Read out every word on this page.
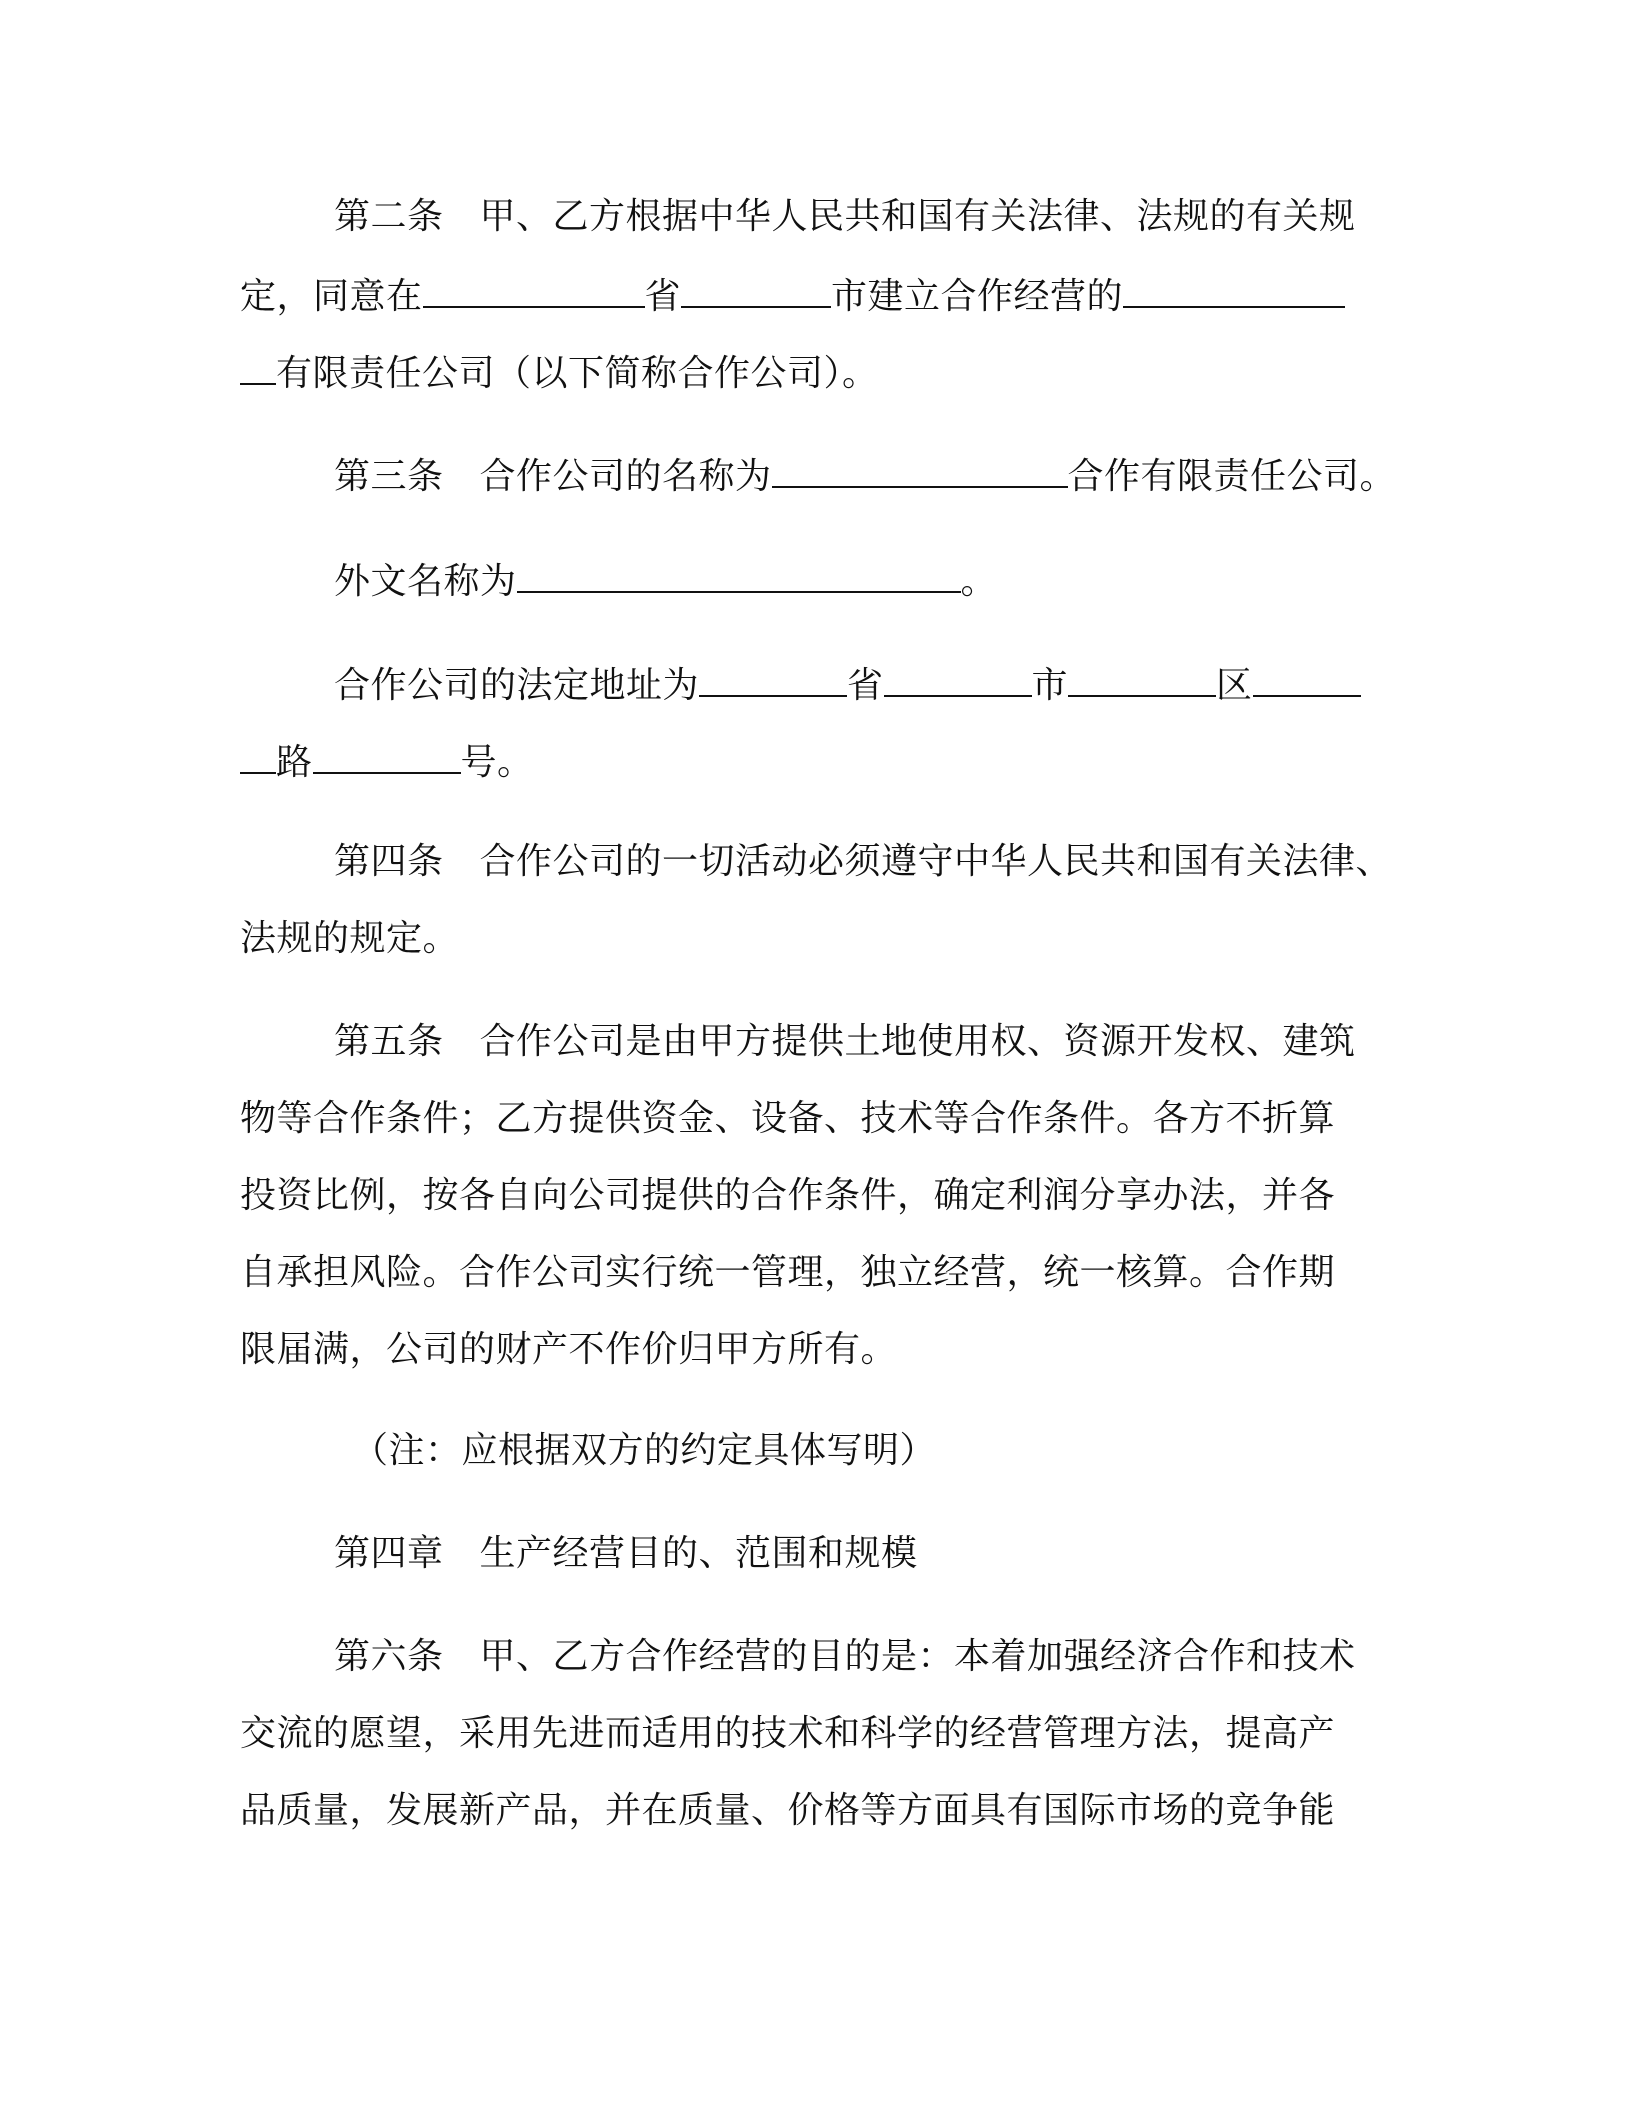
第二条 甲、乙方根据中华人民共和国有关法律、法规的有关规
定，同意在	省	市建立合作经营的
有限责任公司（以下简称合作公司）。
第三条 合作公司的名称为	合作有限责任公司。
外文名称为	。
合作公司的法定地址为	省	市	区
路	号。
第四条 合作公司的一切活动必须遵守中华人民共和国有关法律、
法规的规定。
第五条 合作公司是由甲方提供土地使用权、资源开发权、建筑
物等合作条件；乙方提供资金、设备、技术等合作条件。各方不折算
投资比例，按各自向公司提供的合作条件，确定利润分享办法，并各
自承担风险。合作公司实行统一管理，独立经营，统一核算。合作期
限届满，公司的财产不作价归甲方所有。
（注：应根据双方的约定具体写明）
第四章 生产经营目的、范围和规模
第六条 甲、乙方合作经营的目的是：本着加强经济合作和技术
交流的愿望，采用先进而适用的技术和科学的经营管理方法，提高产
品质量，发展新产品，并在质量、价格等方面具有国际市场的竞争能
